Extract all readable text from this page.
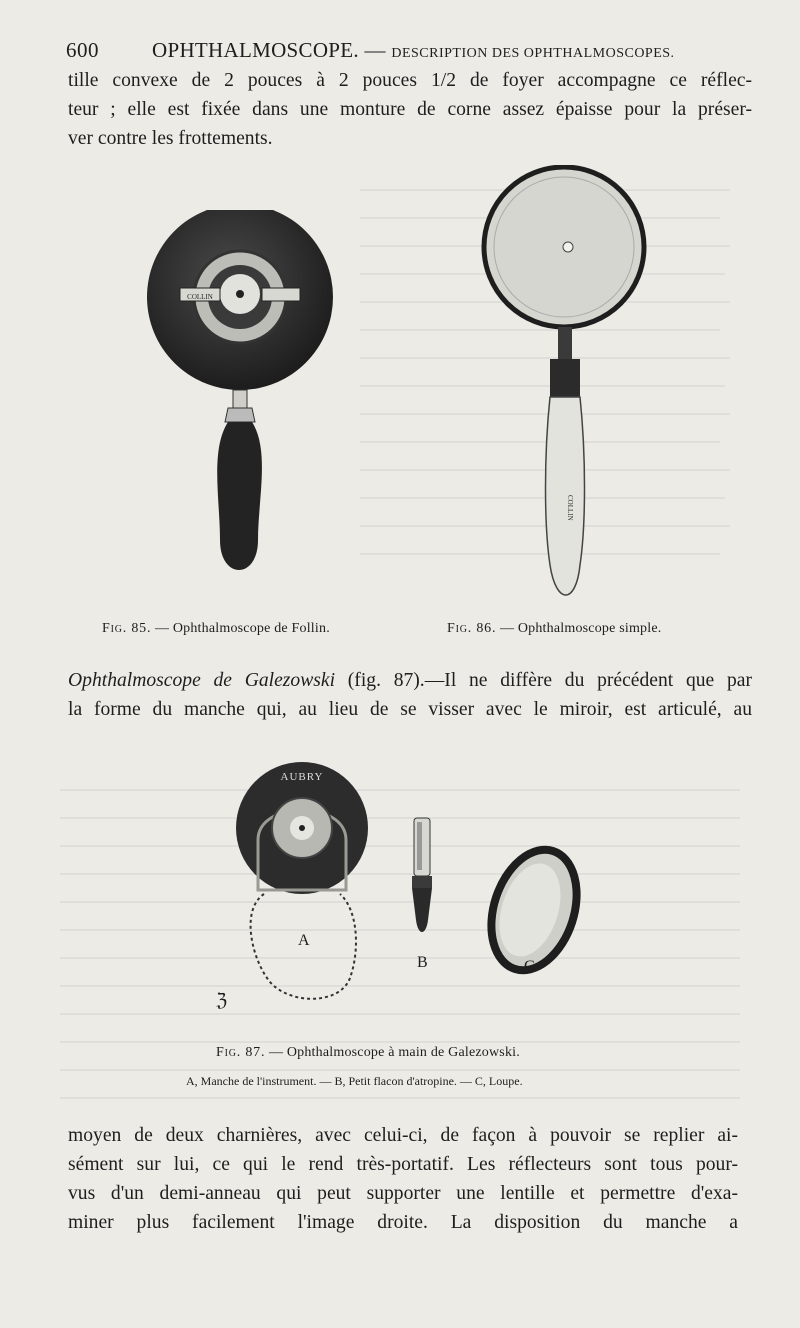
600	OPHTHALMOSCOPE. — DESCRIPTION DES OPHTHALMOSCOPES.
tille convexe de 2 pouces à 2 pouces 1/2 de foyer accompagne ce réflec-
teur ; elle est fixée dans une monture de corne assez épaisse pour la préser-
ver contre les frottements.
COLLIN
COLLIN
Fig. 85. — Ophthalmoscope de Follin.	Fig. 86. — Ophthalmoscope simple.
Ophthalmoscope de Galezowski (fig. 87).—Il ne diffère du précédent que par
la forme du manche qui, au lieu de se visser avec le miroir, est articulé, au
AUBRY
A
B	C
ℨ
Fig. 87. — Ophthalmoscope à main de Galezowski.
A, Manche de l'instrument. — B, Petit flacon d'atropine. — C, Loupe.
moyen de deux charnières, avec celui-ci, de façon à pouvoir se replier ai-
sément sur lui, ce qui le rend très-portatif. Les réflecteurs sont tous pour-
vus d'un demi-anneau qui peut supporter une lentille et permettre d'exa-
miner plus facilement l'image droite. La disposition du manche a
